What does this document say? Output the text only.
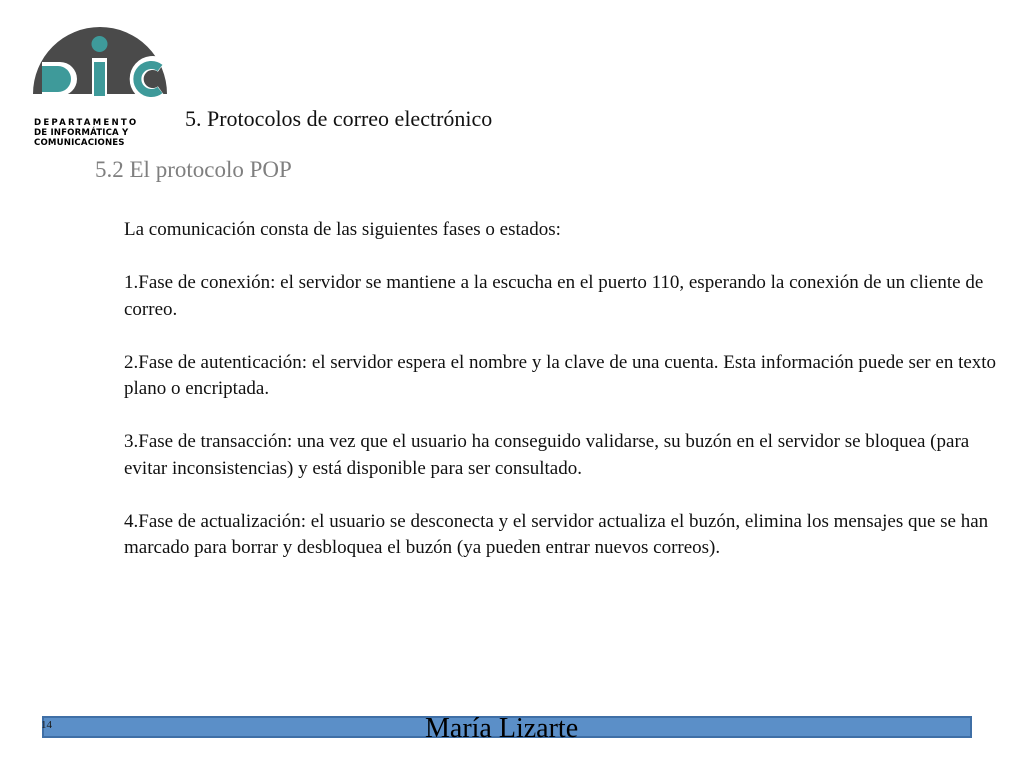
DEPARTAMENTO
DE INFORMÁTICA Y
COMUNICACIONES
5. Protocolos de correo electrónico
5.2 El protocolo POP

La comunicación consta de las siguientes fases o estados:

1.Fase de conexión: el servidor se mantiene a la escucha en el puerto 110, esperando la conexión de un cliente de correo.

2.Fase de autenticación: el servidor espera el nombre y la clave de una cuenta. Esta información puede ser en texto plano o encriptada.

3.Fase de transacción: una vez que el usuario ha conseguido validarse, su buzón en el servidor se bloquea (para evitar inconsistencias) y está disponible para ser consultado.

4.Fase de actualización: el usuario se desconecta y el servidor actualiza el buzón, elimina los mensajes que se han marcado para borrar y desbloquea el buzón (ya pueden entrar nuevos correos).

14	María Lizarte
